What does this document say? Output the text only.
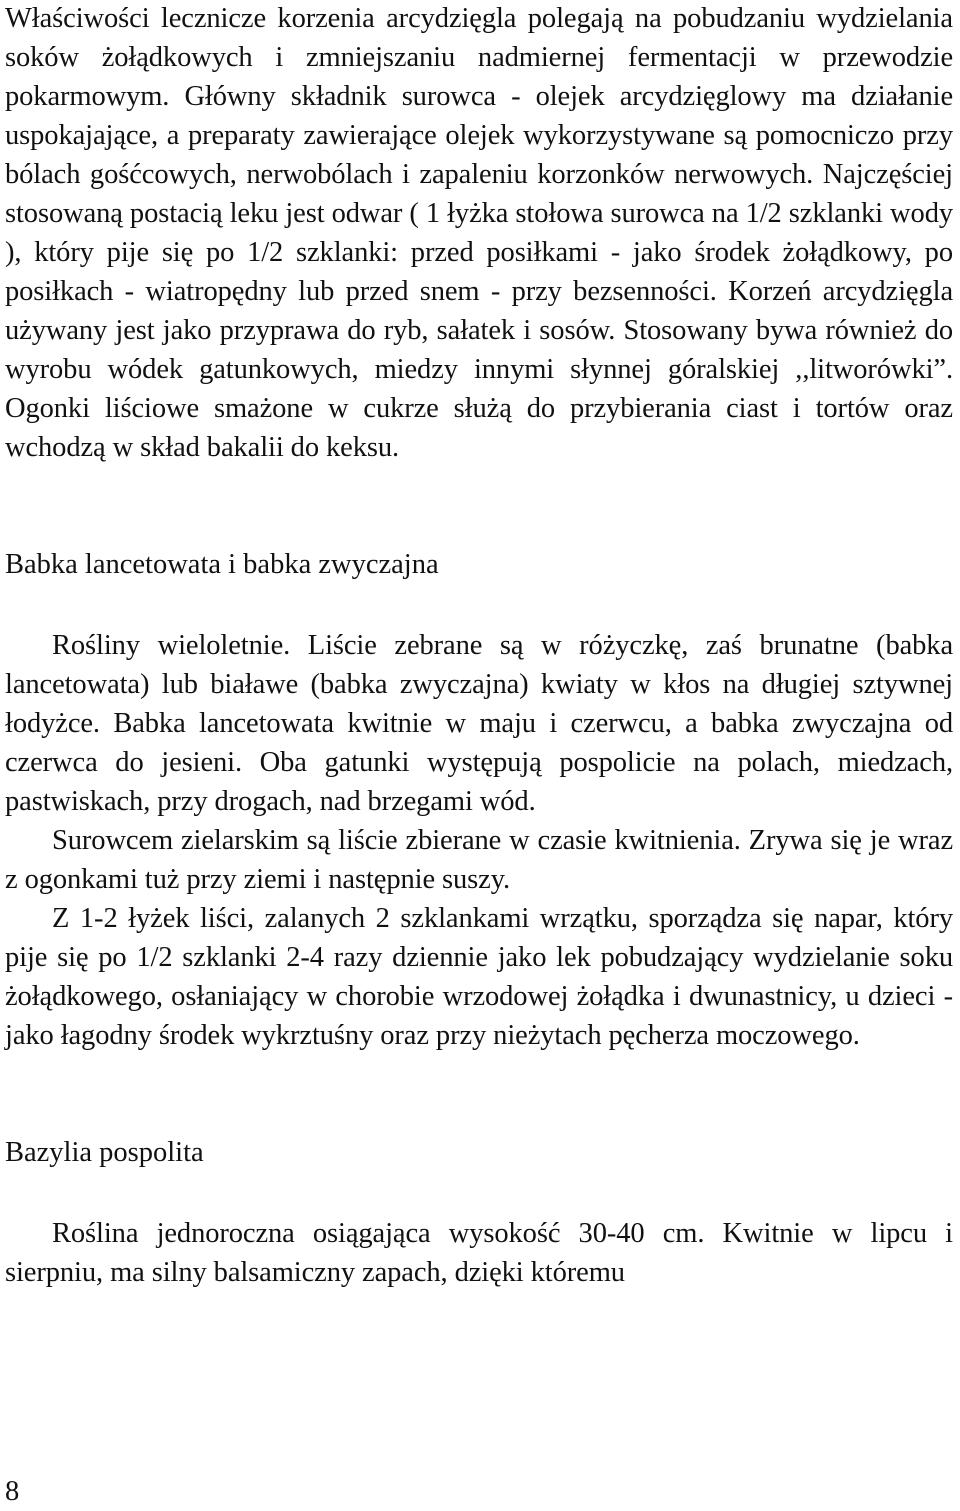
Właściwości lecznicze korzenia arcydzięgla polegają na pobudzaniu wydzielania soków żołądkowych i zmniejszaniu nadmiernej fermentacji w przewodzie pokarmowym. Główny składnik surowca - olejek arcydzięglowy ma działanie uspokajające, a preparaty zawierające olejek wykorzystywane są pomocniczo przy bólach gośćcowych, nerwobólach i zapaleniu korzonków nerwowych. Najczęściej stosowaną postacią leku jest odwar ( 1 łyżka stołowa surowca na 1/2 szklanki wody ), który pije się po 1/2 szklanki: przed posiłkami - jako środek żołądkowy, po posiłkach - wiatropędny lub przed snem - przy bezsenności. Korzeń arcydzięgla używany jest jako przyprawa do ryb, sałatek i sosów. Stosowany bywa również do wyrobu wódek gatunkowych, miedzy innymi słynnej góralskiej ,,litworówki”. Ogonki liściowe smażone w cukrze służą do przybierania ciast i tortów oraz wchodzą w skład bakalii do keksu.

Babka lancetowata i babka zwyczajna

Rośliny wieloletnie. Liście zebrane są w różyczkę, zaś brunatne (babka lancetowata) lub białawe (babka zwyczajna) kwiaty w kłos na długiej sztywnej łodyżce. Babka lancetowata kwitnie w maju i czerwcu, a babka zwyczajna od czerwca do jesieni. Oba gatunki występują pospolicie na polach, miedzach, pastwiskach, przy drogach, nad brzegami wód.

Surowcem zielarskim są liście zbierane w czasie kwitnienia. Zrywa się je wraz z ogonkami tuż przy ziemi i następnie suszy.

Z 1-2 łyżek liści, zalanych 2 szklankami wrzątku, sporządza się napar, który pije się po 1/2 szklanki 2-4 razy dziennie jako lek pobudzający wydzielanie soku żołądkowego, osłaniający w chorobie wrzodowej żołądka i dwunastnicy, u dzieci - jako łagodny środek wykrztuśny oraz przy nieżytach pęcherza moczowego.

Bazylia pospolita

Roślina jednoroczna osiągająca wysokość 30-40 cm. Kwitnie w lipcu i sierpniu, ma silny balsamiczny zapach, dzięki któremu

8
